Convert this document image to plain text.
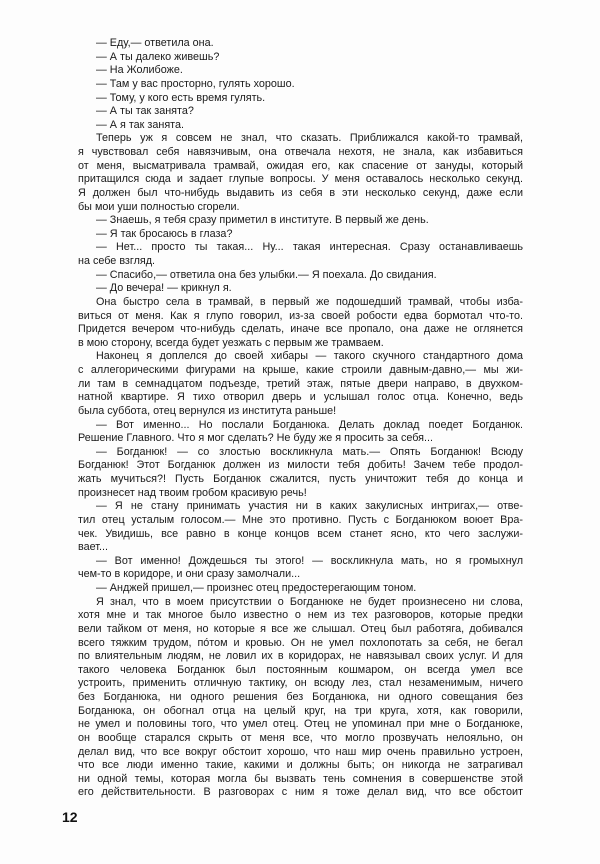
— Еду,— ответила она.
— А ты далеко живешь?
— На Жолибоже.
— Там у вас просторно, гулять хорошо.
— Тому, у кого есть время гулять.
— А ты так занята?
— А я так занята.
Теперь уж я совсем не знал, что сказать. Приближался какой-то трамвай,
я чувствовал себя навязчивым, она отвечала нехотя, не знала, как избавиться
от меня, высматривала трамвай, ожидая его, как спасение от зануды, который
притащился сюда и задает глупые вопросы. У меня оставалось несколько секунд.
Я должен был что-нибудь выдавить из себя в эти несколько секунд, даже если
бы мои уши полностью сгорели.
— Знаешь, я тебя сразу приметил в институте. В первый же день.
— Я так бросаюсь в глаза?
— Нет... просто ты такая... Ну... такая интересная. Сразу останавливаешь
на себе взгляд.
— Спасибо,— ответила она без улыбки.— Я поехала. До свидания.
— До вечера! — крикнул я.
Она быстро села в трамвай, в первый же подошедший трамвай, чтобы изба-
виться от меня. Как я глупо говорил, из-за своей робости едва бормотал что-то.
Придется вечером что-нибудь сделать, иначе все пропало, она даже не оглянется
в мою сторону, всегда будет уезжать с первым же трамваем.
Наконец я доплелся до своей хибары — такого скучного стандартного дома
с аллегорическими фигурами на крыше, какие строили давным-давно,— мы жи-
ли там в семнадцатом подъезде, третий этаж, пятые двери направо, в двухком-
натной квартире. Я тихо отворил дверь и услышал голос отца. Конечно, ведь
была суббота, отец вернулся из института раньше!
— Вот именно... Но послали Богданюка. Делать доклад поедет Богданюк.
Решение Главного. Что я мог сделать? Не буду же я просить за себя...
— Богданюк! — со злостью воскликнула мать.— Опять Богданюк! Всюду
Богданюк! Этот Богданюк должен из милости тебя добить! Зачем тебе продол-
жать мучиться?! Пусть Богданюк сжалится, пусть уничтожит тебя до конца и
произнесет над твоим гробом красивую речь!
— Я не стану принимать участия ни в каких закулисных интригах,— отве-
тил отец усталым голосом.— Мне это противно. Пусть с Богданюком воюет Вра-
чек. Увидишь, все равно в конце концов всем станет ясно, кто чего заслужи-
вает...
— Вот именно! Дождешься ты этого! — воскликнула мать, но я громыхнул
чем-то в коридоре, и они сразу замолчали...
— Анджей пришел,— произнес отец предостерегающим тоном.
Я знал, что в моем присутствии о Богданюке не будет произнесено ни слова,
хотя мне и так многое было известно о нем из тех разговоров, которые предки
вели тайком от меня, но которые я все же слышал. Отец был работяга, добивался
всего тяжким трудом, пóтом и кровью. Он не умел похлопотать за себя, не бегал
по влиятельным людям, не ловил их в коридорах, не навязывал своих услуг. И для
такого человека Богданюк был постоянным кошмаром, он всегда умел все
устроить, применить отличную тактику, он всюду лез, стал незаменимым, ничего
без Богданюка, ни одного решения без Богданюка, ни одного совещания без
Богданюка, он обогнал отца на целый круг, на три круга, хотя, как говорили,
не умел и половины того, что умел отец. Отец не упоминал при мне о Богданюке,
он вообще старался скрыть от меня все, что могло прозвучать нелояльно, он
делал вид, что все вокруг обстоит хорошо, что наш мир очень правильно устроен,
что все люди именно такие, какими и должны быть; он никогда не затрагивал
ни одной темы, которая могла бы вызвать тень сомнения в совершенстве этой
его действительности. В разговорах с ним я тоже делал вид, что все обстоит
12
